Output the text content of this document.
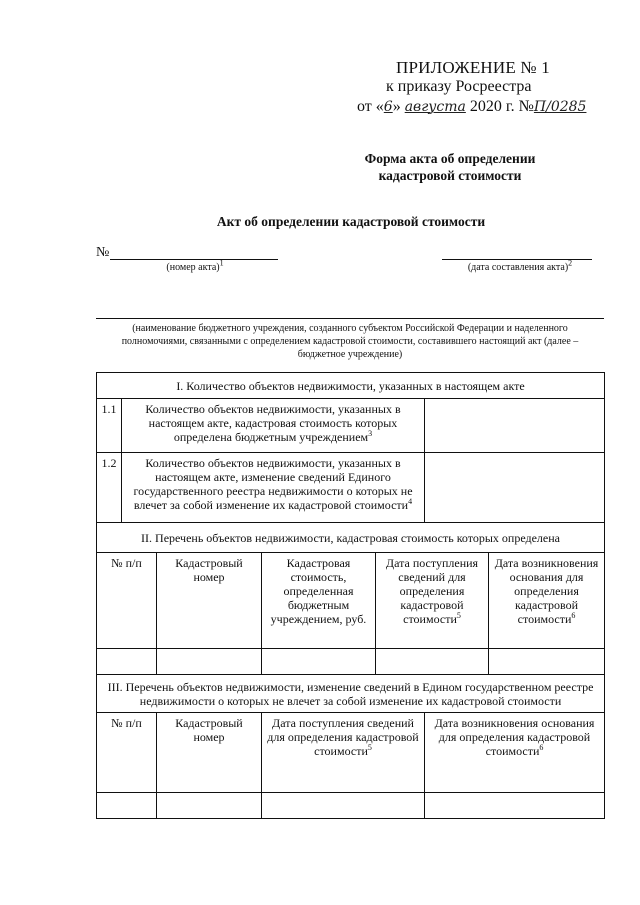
ПРИЛОЖЕНИЕ № 1
к приказу Росреестра
от «6» августа 2020 г. №П/0285
Форма акта об определении кадастровой стоимости
Акт об определении кадастровой стоимости
№
(номер акта)$^1$	(дата составления акта)$^2$
(наименование бюджетного учреждения, созданного субъектом Российской Федерации и наделенного полномочиями, связанными с определением кадастровой стоимости, составившего настоящий акт (далее – бюджетное учреждение)
I. Количество объектов недвижимости, указанных в настоящем акте						
1.1	Количество объектов недвижимости, указанных в настоящем акте, кадастровая стоимость которых определена бюджетным учреждением$^3$	
1.2	Количество объектов недвижимости, указанных в настоящем акте, изменение сведений Единого государственного реестра недвижимости о которых не влечет за собой изменение их кадастровой стоимости$^4$	
II. Перечень объектов недвижимости, кадастровая стоимость которых определена						
№ п/п		Кадастровый номер	Кадастровая стоимость, определенная бюджетным учреждением, руб.	Дата поступления сведений для определения кадастровой стоимости$^5$		Дата возникновения основания для определения кадастровой стоимости$^6$

III. Перечень объектов недвижимости, изменение сведений в Едином государственном реестре недвижимости о которых не влечет за собой изменение их кадастровой стоимости						
№ п/п		Кадастровый номер	Дата поступления сведений для определения кадастровой стоимости$^5$		Дата возникновения основания для определения кадастровой стоимости$^6$
